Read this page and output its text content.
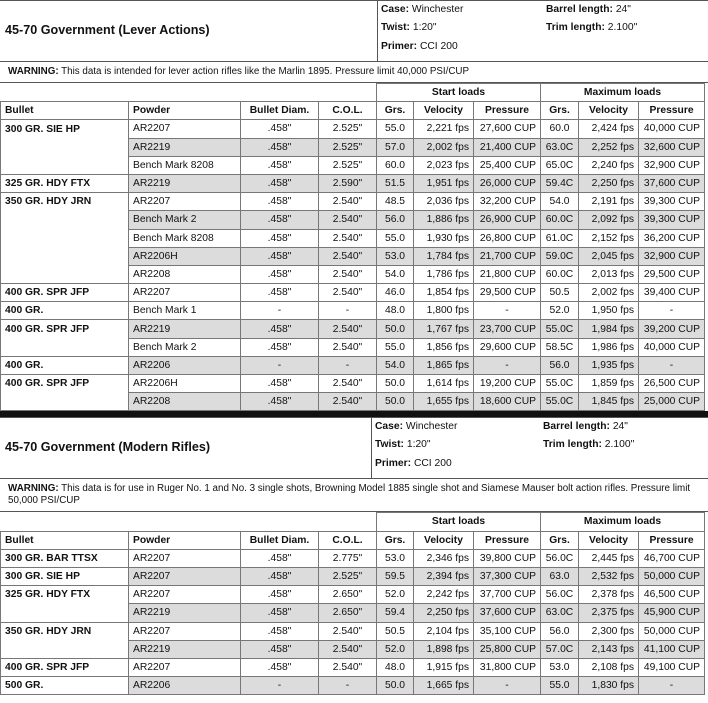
45-70 Government (Lever Actions)
Case: Winchester	Barrel length: 24"
Twist: 1:20"	Trim length: 2.100"
Primer: CCI 200
WARNING: This data is intended for lever action rifles like the Marlin 1895. Pressure limit 40,000 PSI/CUP
				Start loads			Maximum loads		
Bullet	Powder	Bullet Diam.	C.O.L.	Grs.	Velocity	Pressure	Grs.	Velocity	Pressure
300 GR. SIE HP	AR2207	.458"	2.525"	55.0	2,221 fps	27,600 CUP	60.0	2,424 fps	40,000 CUP
	AR2219	.458"	2.525"	57.0	2,002 fps	21,400 CUP	63.0C	2,252 fps	32,600 CUP
	Bench Mark 8208	.458"	2.525"	60.0	2,023 fps	25,400 CUP	65.0C	2,240 fps	32,900 CUP
325 GR. HDY FTX	AR2219	.458"	2.590"	51.5	1,951 fps	26,000 CUP	59.4C	2,250 fps	37,600 CUP
350 GR. HDY JRN	AR2207	.458"	2.540"	48.5	2,036 fps	32,200 CUP	54.0	2,191 fps	39,300 CUP
	Bench Mark 2	.458"	2.540"	56.0	1,886 fps	26,900 CUP	60.0C	2,092 fps	39,300 CUP
	Bench Mark 8208	.458"	2.540"	55.0	1,930 fps	26,800 CUP	61.0C	2,152 fps	36,200 CUP
	AR2206H	.458"	2.540"	53.0	1,784 fps	21,700 CUP	59.0C	2,045 fps	32,900 CUP
	AR2208	.458"	2.540"	54.0	1,786 fps	21,800 CUP	60.0C	2,013 fps	29,500 CUP
400 GR. SPR JFP	AR2207	.458"	2.540"	46.0	1,854 fps	29,500 CUP	50.5	2,002 fps	39,400 CUP
400 GR.	Bench Mark 1	-	-	48.0	1,800 fps	-	52.0	1,950 fps	-
400 GR. SPR JFP	AR2219	.458"	2.540"	50.0	1,767 fps	23,700 CUP	55.0C	1,984 fps	39,200 CUP
	Bench Mark 2	.458"	2.540"	55.0	1,856 fps	29,600 CUP	58.5C	1,986 fps	40,000 CUP
400 GR.	AR2206	-	-	54.0	1,865 fps	-	56.0	1,935 fps	-
400 GR. SPR JFP	AR2206H	.458"	2.540"	50.0	1,614 fps	19,200 CUP	55.0C	1,859 fps	26,500 CUP
	AR2208	.458"	2.540"	50.0	1,655 fps	18,600 CUP	55.0C	1,845 fps	25,000 CUP
45-70 Government (Modern Rifles)
Case: Winchester	Barrel length: 24"
Twist: 1:20"	Trim length: 2.100"
Primer: CCI 200
WARNING: This data is for use in Ruger No. 1 and No. 3 single shots, Browning Model 1885 single shot and Siamese Mauser bolt action rifles. Pressure limit 50,000 PSI/CUP
				Start loads			Maximum loads		
Bullet	Powder	Bullet Diam.	C.O.L.	Grs.	Velocity	Pressure	Grs.	Velocity	Pressure
300 GR. BAR TTSX	AR2207	.458"	2.775"	53.0	2,346 fps	39,800 CUP	56.0C	2,445 fps	46,700 CUP
300 GR. SIE HP	AR2207	.458"	2.525"	59.5	2,394 fps	37,300 CUP	63.0	2,532 fps	50,000 CUP
325 GR. HDY FTX	AR2207	.458"	2.650"	52.0	2,242 fps	37,700 CUP	56.0C	2,378 fps	46,500 CUP
	AR2219	.458"	2.650"	59.4	2,250 fps	37,600 CUP	63.0C	2,375 fps	45,900 CUP
350 GR. HDY JRN	AR2207	.458"	2.540"	50.5	2,104 fps	35,100 CUP	56.0	2,300 fps	50,000 CUP
	AR2219	.458"	2.540"	52.0	1,898 fps	25,800 CUP	57.0C	2,143 fps	41,100 CUP
400 GR. SPR JFP	AR2207	.458"	2.540"	48.0	1,915 fps	31,800 CUP	53.0	2,108 fps	49,100 CUP
500 GR.	AR2206	-	-	50.0	1,665 fps	-	55.0	1,830 fps	-
